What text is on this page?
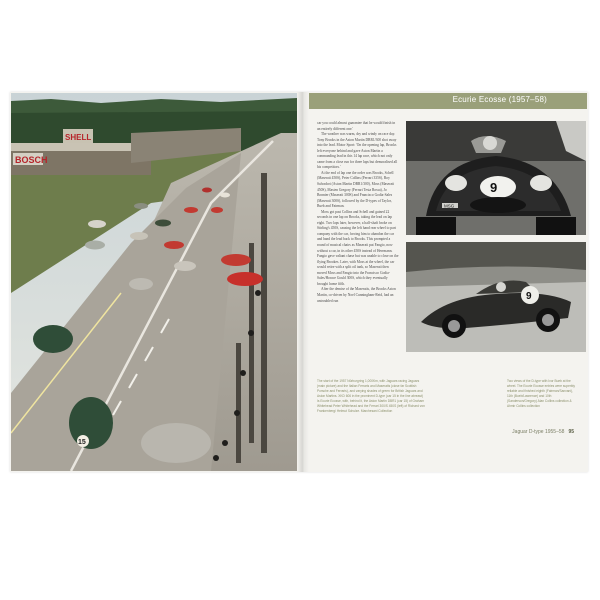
BOSCH
SHELL
15
Ecurie Ecosse (1957–58)

car you could almost guarantee that he would finish in an entirely different one.'

The weather was warm, dry and windy on race day. Tony Brooks in the Aston Martin DBR1/300 shot away into the lead. Motor Sport: 'On the opening lap, Brooks left everyone behind and gave Aston Martin a commanding lead in this 14 lap race, which not only came from a close run for three laps but demoralised all his competitors.'

At the end of lap one the order was Brooks, Schell (Maserati 450S), Peter Collins (Ferrari 335S), Roy Salvadori (Aston Martin DBR1/300), Moss (Maserati 450S), Masten Gregory (Ferrari Testa Rossa), Jo Bonnier (Maserati 300S) and Francisco Godia-Sales (Maserati 300S), followed by the D-types of Taylor, Bueb and Fairman.

Moss got past Collins and Schell and gained 22 seconds in one lap on Brooks, taking the lead on lap eight. Two laps later, however, a half-shaft broke on Stirling's 450S, causing the left hand rear wheel to part company with the car, forcing him to abandon the car and hand the lead back to Brooks. This prompted a round of musical chairs as Maserati put Fangio, now without a car, in its other 450S instead of Herrmann. Fangio gave valiant chase but was unable to close on the flying Brookes. Later, with Moss at the wheel, the car would retire with a split oil tank, so Maserati then moved Moss and Fangio into the Francisco Godia-Sales/Horace Gould 300S, which they eventually brought home fifth.

After the demise of the Maseratis, the Brooks Aston Martin, co-driven by Noel Cunningham-Reid, had an untroubled run

9
MSG
9
The start of the 1957 Nürburgring 1,000Km, with Jaguars racing Jaguars (main picture) and the Italian Ferraris and Maseratis (close far Scottish Porsche and Ferraris), and varying shades of green for British Jaguars and Aston Martins. XKD 606 in the prominent D-type (car 15 in the line abreast) Is Ecurie Ecosse, with, behind it, the Aston Martin DBR1 (car 15) of Graham Whitehead Peter Whitehead and the Ferrari 300/S 450S (left) of Richard von Frankenberg/ Helmut Schulze. Marchesani Collection
Two views of the D-type with Ivor Bueb at the wheel. The Ecurie Ecosse entries were superbly reliable and finished eighth (Fairman/Sanvani), 11th (Bueb/Lawrence) and 10th (Sanderson/Gregory) Alan Collins collection & Ahmir Collins collection
Jaguar D-type 1955–58 95
